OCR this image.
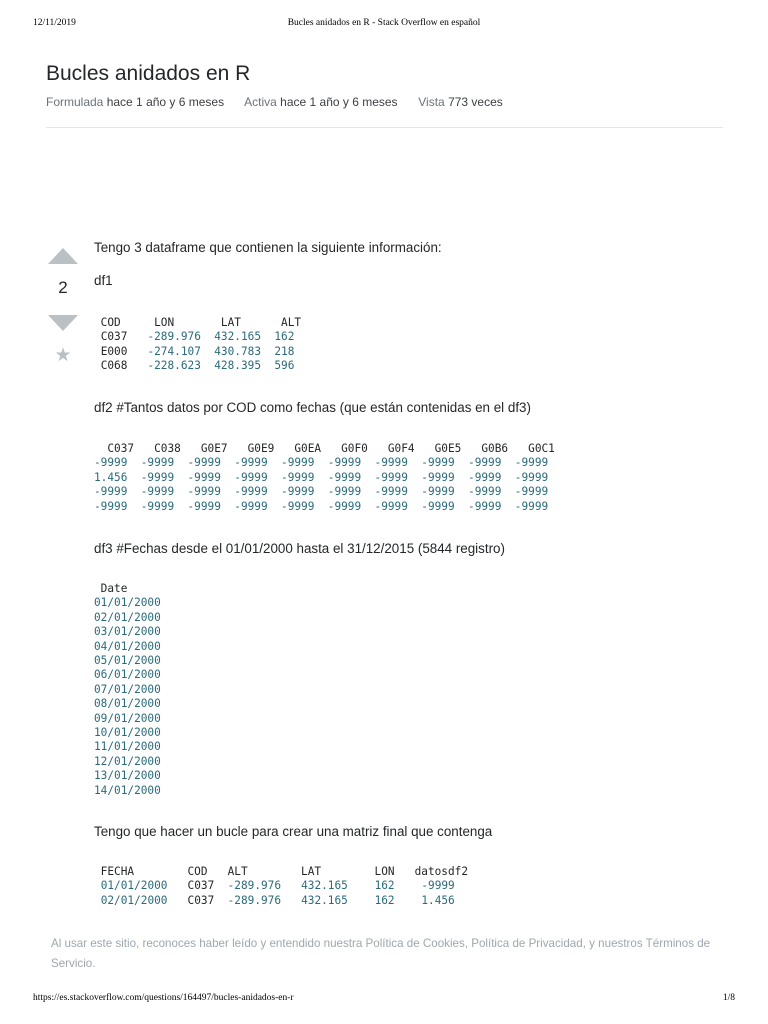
12/11/2019	Bucles anidados en R - Stack Overflow en español
Bucles anidados en R
Formulada hace 1 año y 6 meses Activa hace 1 año y 6 meses Vista 773 veces
2
★

Tengo 3 dataframe que contienen la siguiente información:

df1

COD     LON       LAT      ALT
C037 -289.976 432.165 162
E000 -274.107 430.783 218
C068 -228.623 428.395 596

df2 #Tantos datos por COD como fechas (que están contenidas en el df3)

C037   C038   G0E7   G0E9   G0EA   G0F0   G0F4   G0E5   G0B6   G0C1
-9999  -9999  -9999  -9999  -9999  -9999  -9999  -9999  -9999  -9999
1.456  -9999  -9999  -9999  -9999  -9999  -9999  -9999  -9999  -9999
-9999  -9999  -9999  -9999  -9999  -9999  -9999  -9999  -9999  -9999
-9999  -9999  -9999  -9999  -9999  -9999  -9999  -9999  -9999  -9999

df3 #Fechas desde el 01/01/2000 hasta el 31/12/2015 (5844 registro)

Date
01/01/2000
02/01/2000
03/01/2000
04/01/2000
05/01/2000
06/01/2000
07/01/2000
08/01/2000
09/01/2000
10/01/2000
11/01/2000
12/01/2000
13/01/2000
14/01/2000

Tengo que hacer un bucle para crear una matriz final que contenga

FECHA        COD   ALT        LAT        LON   datosdf2
01/01/2000 C037 -289.976 432.165 162 -9999
02/01/2000 C037 -289.976 432.165 162 1.456
Al usar este sitio, reconoces haber leído y entendido nuestra Política de Cookies, Política de Privacidad, y nuestros Términos de Servicio.
https://es.stackoverflow.com/questions/164497/bucles-anidados-en-r	1/8
